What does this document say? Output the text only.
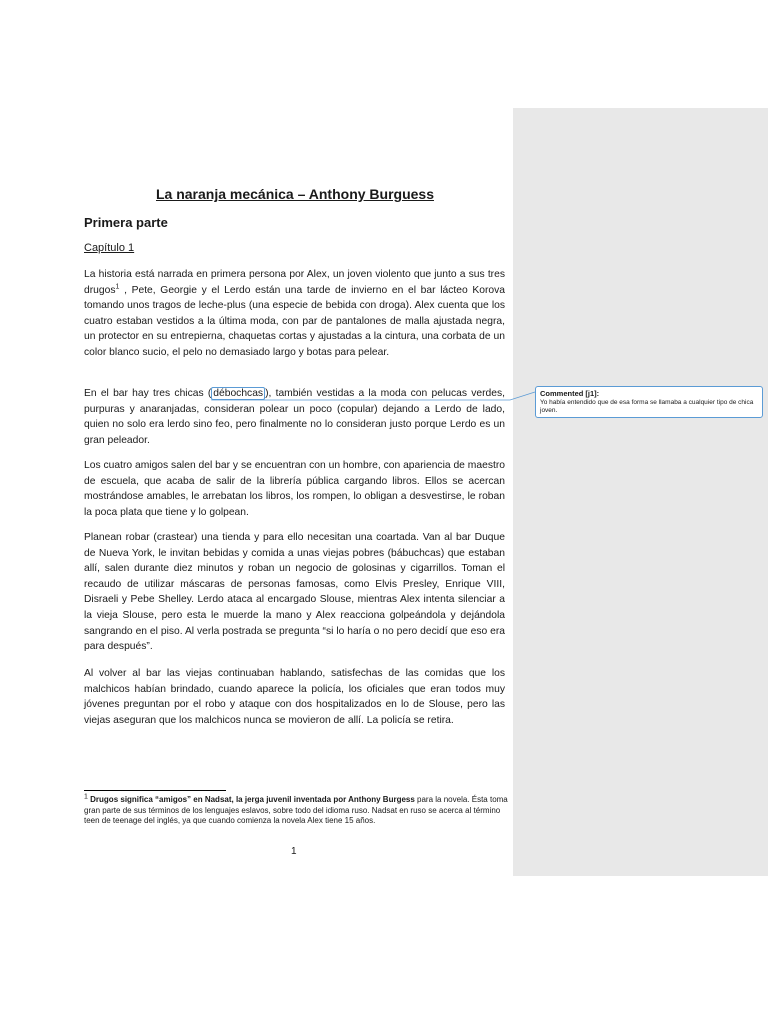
La naranja mecánica – Anthony Burguess
Primera parte
Capítulo 1

La historia está narrada en primera persona por Alex, un joven violento que junto a sus tres drugos$^1$ , Pete, Georgie y el Lerdo están una tarde de invierno en el bar lácteo Korova tomando unos tragos de leche-plus (una especie de bebida con droga). Alex cuenta que los cuatro estaban vestidos a la última moda, con par de pantalones de malla ajustada negra, un protector en su entrepierna, chaquetas cortas y ajustadas a la cintura, una corbata de un color blanco sucio, el pelo no demasiado largo y botas para pelear.

En el bar hay tres chicas ( débochcas ), también vestidas a la moda con pelucas verdes, purpuras y anaranjadas, consideran polear un poco (copular) dejando a Lerdo de lado, quien no solo era lerdo sino feo, pero finalmente no lo consideran justo porque Lerdo es un gran peleador.

Los cuatro amigos salen del bar y se encuentran con un hombre, con apariencia de maestro de escuela, que acaba de salir de la librería pública cargando libros. Ellos se acercan mostrándose amables, le arrebatan los libros, los rompen, lo obligan a desvestirse, le roban la poca plata que tiene y lo golpean.

Planean robar (crastear) una tienda y para ello necesitan una coartada. Van al bar Duque de Nueva York, le invitan bebidas y comida a unas viejas pobres (bábuchcas) que estaban allí, salen durante diez minutos y roban un negocio de golosinas y cigarrillos. Toman el recaudo de utilizar máscaras de personas famosas, como Elvis Presley, Enrique VIII, Disraeli y Pebe Shelley. Lerdo ataca al encargado Slouse, mientras Alex intenta silenciar a la vieja Slouse, pero esta le muerde la mano y Alex reacciona golpeándola y dejándola sangrando en el piso. Al verla postrada se pregunta “si lo haría o no pero decidí que eso era para después”.

Al volver al bar las viejas continuaban hablando, satisfechas de las comidas que los malchicos habían brindado, cuando aparece la policía, los oficiales que eran todos muy jóvenes preguntan por el robo y ataque con dos hospitalizados en lo de Slouse, pero las viejas aseguran que los malchicos nunca se movieron de allí. La policía se retira.

$^1$ Drugos significa “amigos” en Nadsat, la jerga juvenil inventada por Anthony Burgess para la novela. Ésta toma gran parte de sus términos de los lenguajes eslavos, sobre todo del idioma ruso. Nadsat en ruso se acerca al término teen de teenage del inglés, ya que cuando comienza la novela Alex tiene 15 años.

1
Commented [j1]:
Yo había entendido que de esa forma se llamaba a cualquier tipo de chica joven.
